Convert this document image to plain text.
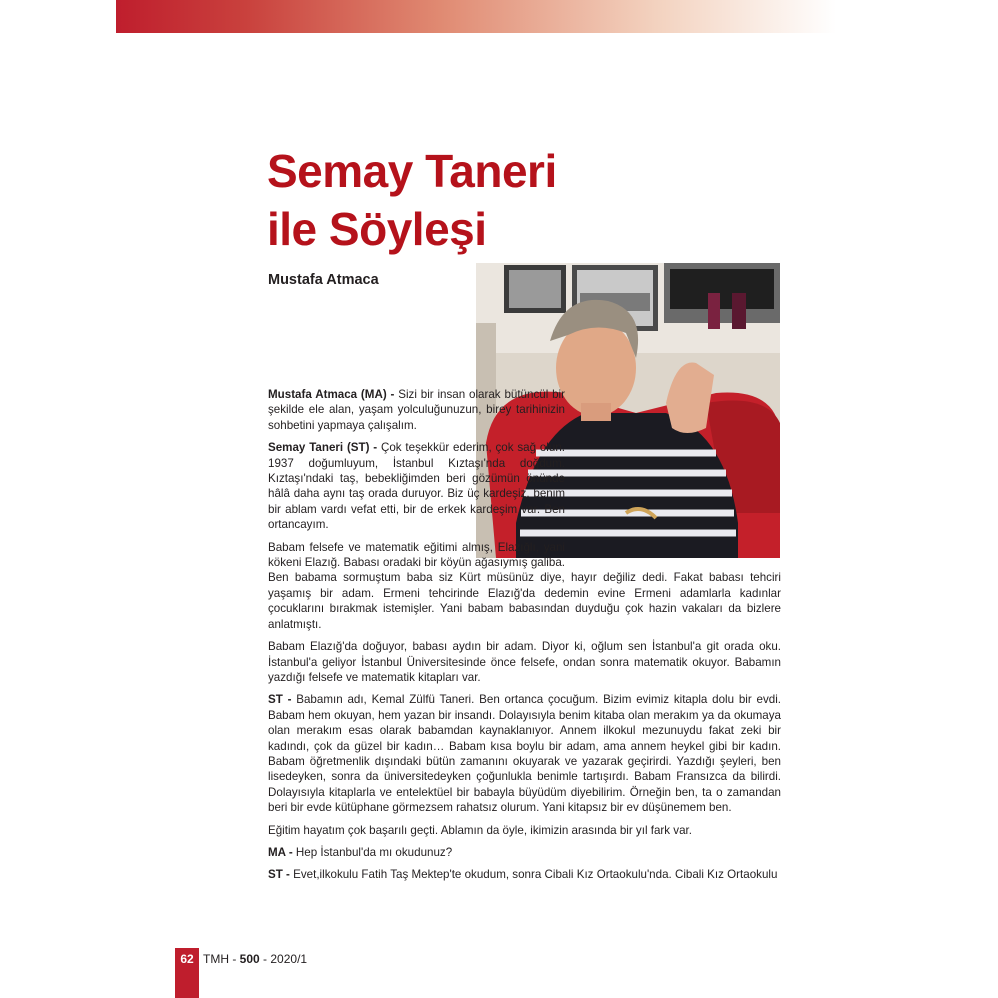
Semay Taneri
ile Söyleşi
Mustafa Atmaca

Mustafa Atmaca (MA) - Sizi bir insan olarak bütüncül bir şekilde ele alan, yaşam yolculuğunuzun, birey tarihinizin sohbetini yapmaya çalışalım.

Semay Taneri (ST) - Çok teşekkür ederim, çok sağ olun. 1937 doğumluyum, İstanbul Kıztaşı'nda doğdum. Kıztaşı'ndaki taş, bebekliğimden beri gözümün önünde hâlâ daha aynı taş orada duruyor. Biz üç kardeşiz, benim bir ablam vardı vefat etti, bir de erkek kardeşim var. Ben ortancayım.

Babam felsefe ve matematik eğitimi almış, Elazığlı, yani kökeni Elazığ. Babası oradaki bir köyün ağasıymış galiba. Ben babama sormuştum baba siz Kürt müsünüz diye, hayır değiliz dedi. Fakat babası tehciri yaşamış bir adam. Ermeni tehcirinde Elazığ'da dedemin evine Ermeni adamlarla kadınlar çocuklarını bırakmak istemişler. Yani babam babasından duyduğu çok hazin vakaları da bizlere anlatmıştı.

Babam Elazığ'da doğuyor, babası aydın bir adam. Diyor ki, oğlum sen İstanbul'a git orada oku. İstanbul'a geliyor İstanbul Üniversitesinde önce felsefe, ondan sonra matematik okuyor. Babamın yazdığı felsefe ve matematik kitapları var.

ST - Babamın adı, Kemal Zülfü Taneri. Ben ortanca çocuğum. Bizim evimiz kitapla dolu bir evdi. Babam hem okuyan, hem yazan bir insandı. Dolayısıyla benim kitaba olan merakım ya da okumaya olan merakım esas olarak babamdan kaynaklanıyor. Annem ilkokul mezunuydu fakat zeki bir kadındı, çok da güzel bir kadın… Babam kısa boylu bir adam, ama annem heykel gibi bir kadın. Babam öğretmenlik dışındaki bütün zamanını okuyarak ve yazarak geçirirdi. Yazdığı şeyleri, ben lisedeyken, sonra da üniversitedeyken çoğunlukla benimle tartışırdı. Babam Fransızca da bilirdi. Dolayısıyla kitaplarla ve entelektüel bir babayla büyüdüm diyebilirim. Örneğin ben, ta o zamandan beri bir evde kütüphane görmezsem rahatsız olurum. Yani kitapsız bir ev düşünemem ben.

Eğitim hayatım çok başarılı geçti. Ablamın da öyle, ikimizin arasında bir yıl fark var.

MA - Hep İstanbul'da mı okudunuz?

ST - Evet,ilkokulu Fatih Taş Mektep'te okudum, sonra Cibali Kız Ortaokulu'nda. Cibali Kız Ortaokulu

62 TMH - 500 - 2020/1
